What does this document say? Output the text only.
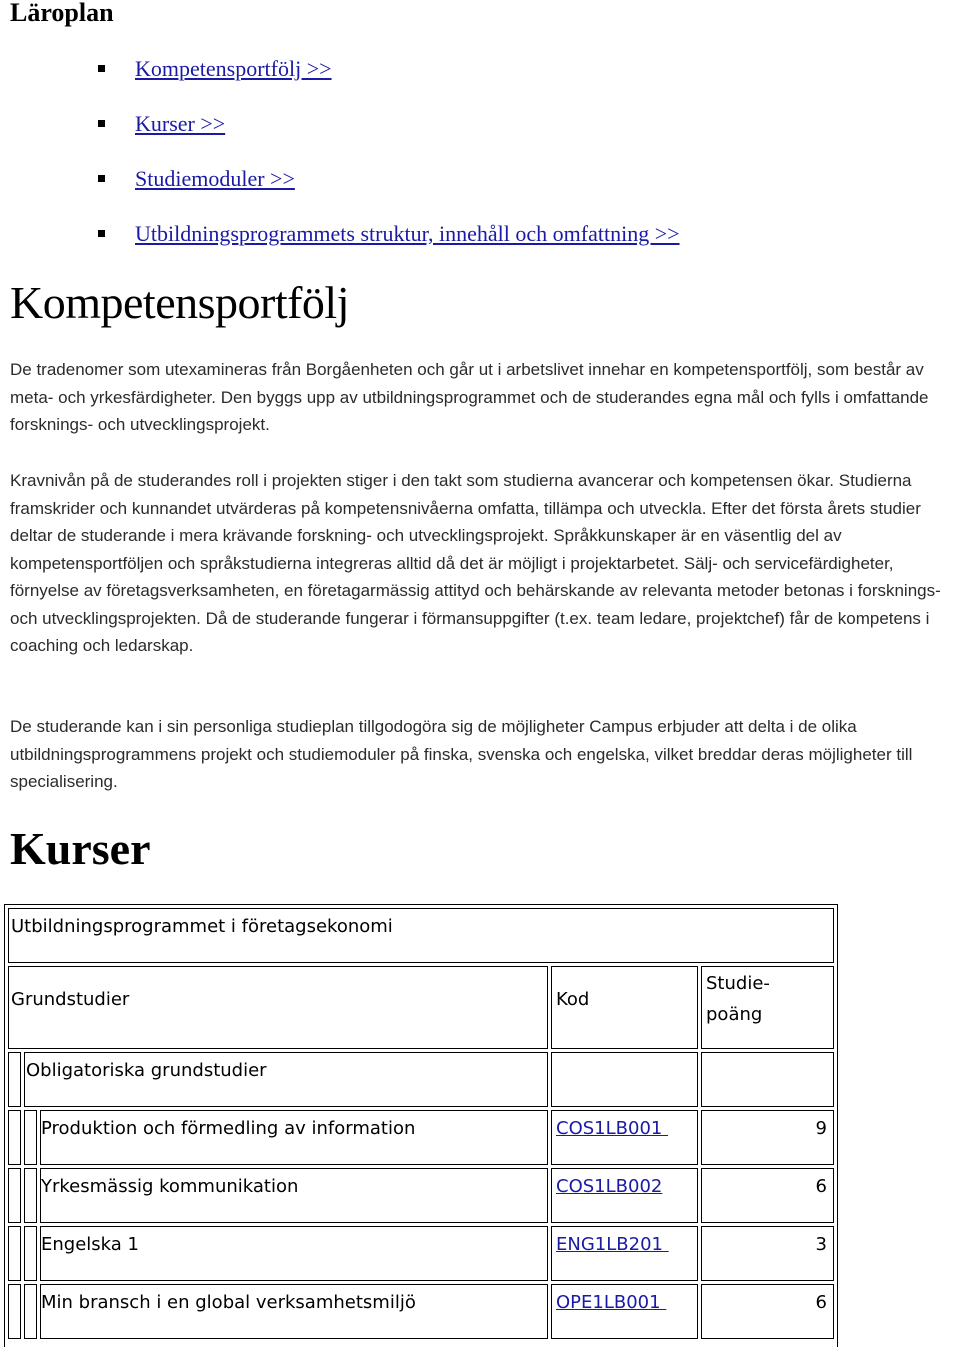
Läroplan
Kompetensportfölj >>
Kurser >>
Studiemoduler >>
Utbildningsprogrammets struktur, innehåll och omfattning >>
Kompetensportfölj

De tradenomer som utexamineras från Borgåenheten och går ut i arbetslivet innehar en kompetensportfölj, som består av meta- och yrkesfärdigheter. Den byggs upp av utbildningsprogrammet och de studerandes egna mål och fylls i omfattande forsknings- och utvecklingsprojekt.

Kravnivån på de studerandes roll i projekten stiger i den takt som studierna avancerar och kompetensen ökar. Studierna framskrider och kunnandet utvärderas på kompetensnivåerna omfatta, tillämpa och utveckla. Efter det första årets studier deltar de studerande i mera krävande forskning- och utvecklingsprojekt. Språkkunskaper är en väsentlig del av kompetensportföljen och språkstudierna integreras alltid då det är möjligt i projektarbetet. Sälj- och servicefärdigheter, förnyelse av företagsverksamheten, en företagarmässig attityd och behärskande av relevanta metoder betonas i forsknings- och utvecklingsprojekten. Då de studerande fungerar i förmansuppgifter (t.ex. team ledare, projektchef) får de kompetens i coaching och ledarskap.

De studerande kan i sin personliga studieplan tillgodogöra sig de möjligheter Campus erbjuder att delta i de olika utbildningsprogrammens projekt och studiemoduler på finska, svenska och engelska, vilket breddar deras möjligheter till specialisering.

Kurser
Utbildningsprogrammet i företagsekonomi
Grundstudier	Kod
Studie-
poäng
Obligatoriska grundstudier
Produktion och förmedling av information	COS1LB001	9
Yrkesmässig kommunikation	COS1LB002	6
Engelska 1	ENG1LB201	3
Min bransch i en global verksamhetsmiljö	OPE1LB001	6
